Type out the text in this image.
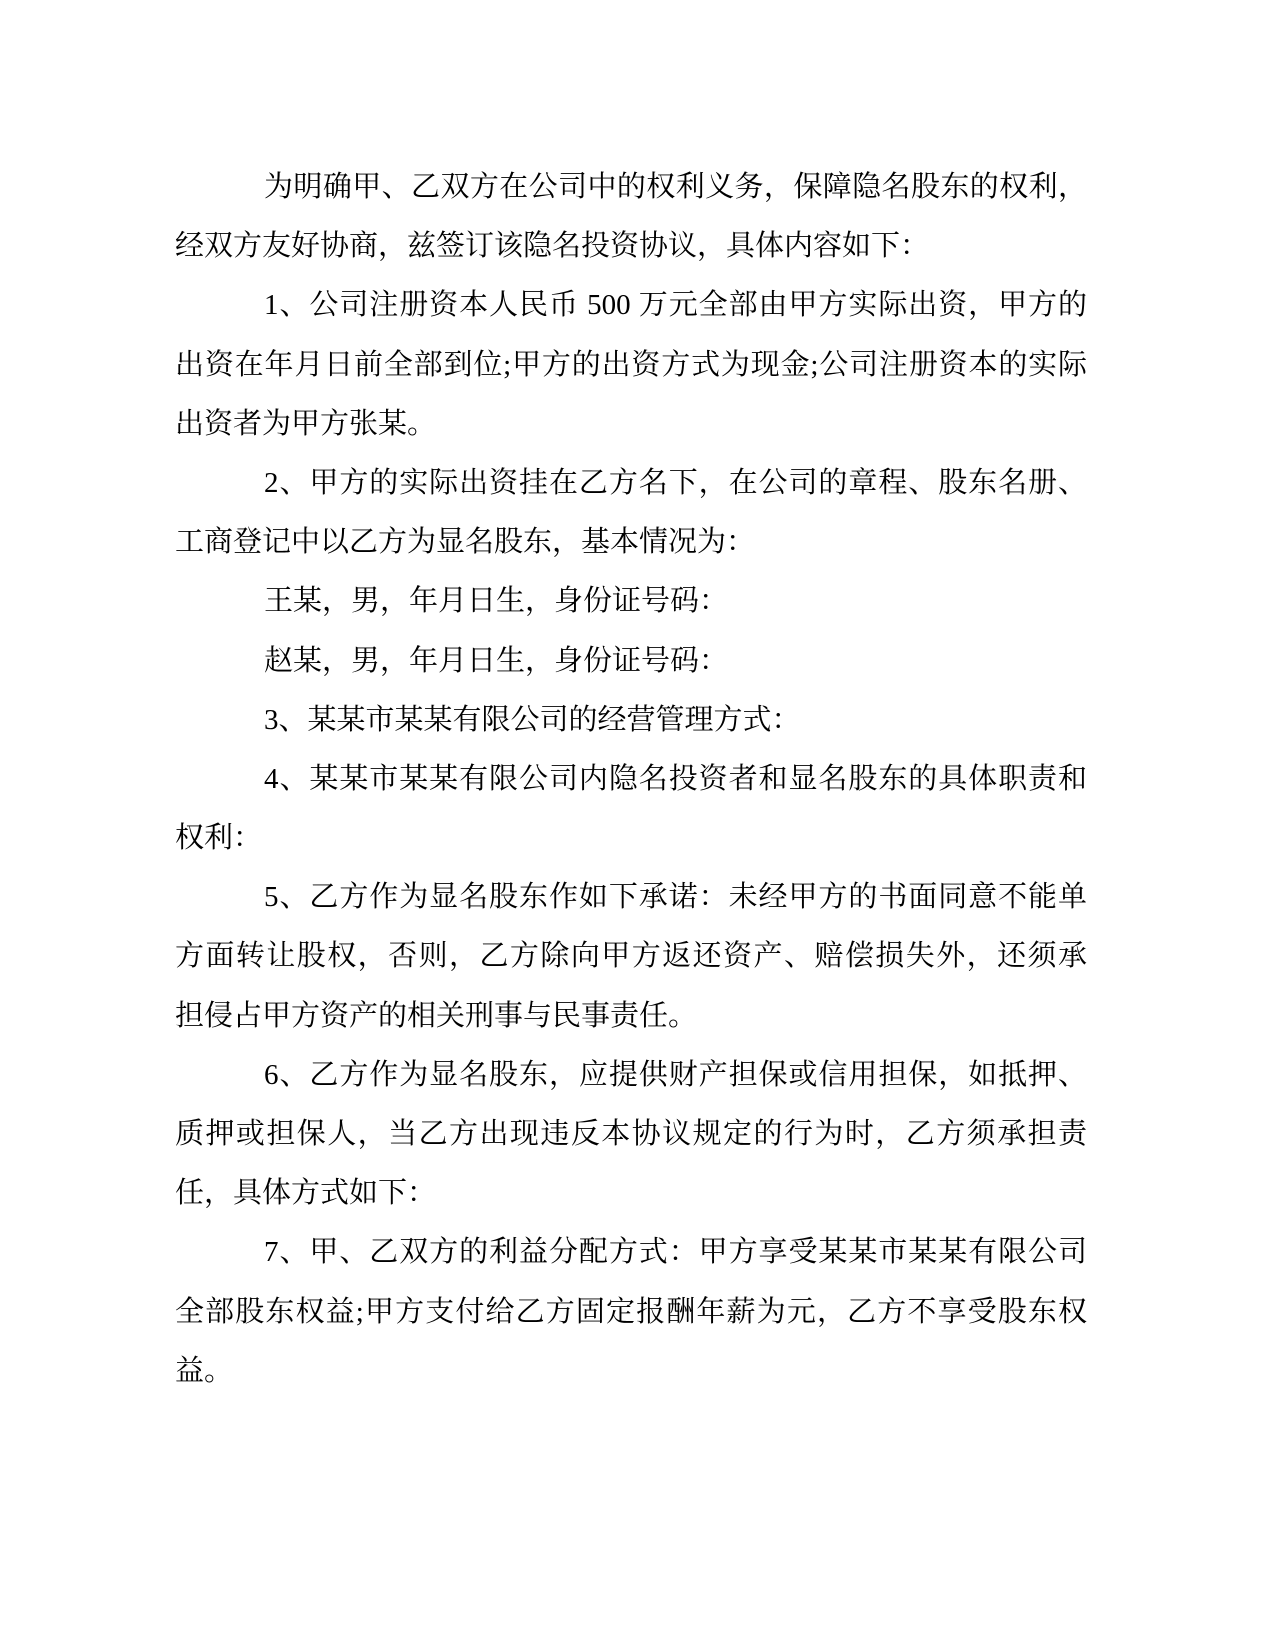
为明确甲、乙双方在公司中的权利义务，保障隐名股东的权利，
经双方友好协商，兹签订该隐名投资协议，具体内容如下：
1、公司注册资本人民币 500 万元全部由甲方实际出资，甲方的
出资在年月日前全部到位;甲方的出资方式为现金;公司注册资本的实际
出资者为甲方张某。
2、甲方的实际出资挂在乙方名下，在公司的章程、股东名册、
工商登记中以乙方为显名股东，基本情况为：
王某，男，年月日生，身份证号码：
赵某，男，年月日生，身份证号码：
3、某某市某某有限公司的经营管理方式：
4、某某市某某有限公司内隐名投资者和显名股东的具体职责和
权利：
5、乙方作为显名股东作如下承诺：未经甲方的书面同意不能单
方面转让股权，否则，乙方除向甲方返还资产、赔偿损失外，还须承
担侵占甲方资产的相关刑事与民事责任。
6、乙方作为显名股东，应提供财产担保或信用担保，如抵押、
质押或担保人，当乙方出现违反本协议规定的行为时，乙方须承担责
任，具体方式如下：
7、甲、乙双方的利益分配方式：甲方享受某某市某某有限公司
全部股东权益;甲方支付给乙方固定报酬年薪为元，乙方不享受股东权
益。
